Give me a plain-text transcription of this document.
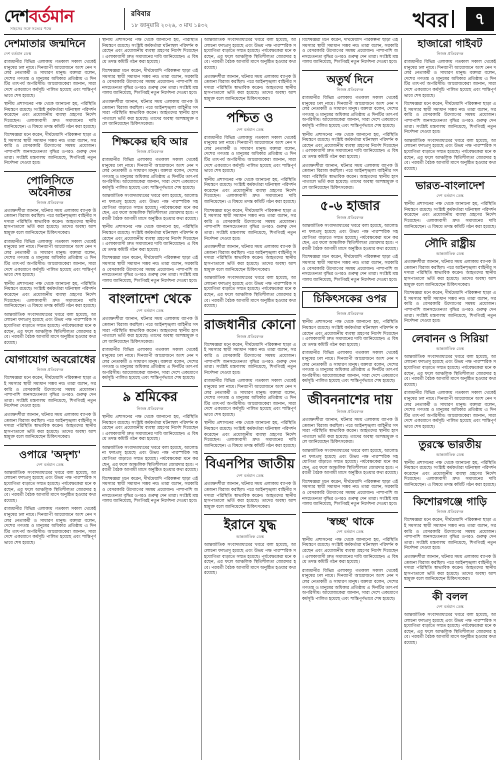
দেশ বর্তমান
সাহসের সঙ্গে সত্যের পক্ষে
রবিবার
১৮ জানুয়ারি ২০২৬, ৩ মাঘ ১৪৩২	খবর	৭
দেশমাতার জন্মদিনে
দেশ বর্তমান ডেস্ক

রাজধানীর বিভিন্ন এলাকায় গতকাল সকাল থেকেই মানুষের ঢল নামে। দিনব্যাপী আয়োজনে অংশ নেন দলের নেতাকর্মী ও সাধারণ মানুষ। বক্তারা বলেন, দেশের গণতন্ত্র ও মানুষের অধিকার প্রতিষ্ঠায় এ দিনটির তাৎপর্য অপরিসীম। আয়োজকেরা জানান, সারা দেশে একযোগে কর্মসূচি পালিত হয়েছে এবং শান্তিপূর্ণভাবে শেষ হয়েছে।

স্থানীয় প্রশাসনের পক্ষ থেকে জানানো হয়, পরিস্থিতি নিয়ন্ত্রণে রয়েছে। সংশ্লিষ্ট কর্মকর্তারা ঘটনাস্থল পরিদর্শন করেছেন এবং প্রয়োজনীয় ব্যবস্থা গ্রহণের নির্দেশ দিয়েছেন। এলাকাবাসী দ্রুত সমাধানের দাবি জানিয়েছেন। এ বিষয়ে তদন্ত কমিটি গঠন করা হয়েছে।

বিশেষজ্ঞরা মনে করেন, দীর্ঘমেয়াদি পরিকল্পনা ছাড়া এই সমস্যার স্থায়ী সমাধান সম্ভব নয়। তারা বলেন, সরকারি ও বেসরকারি উদ্যোগের সমন্বয় প্রয়োজন। পাশাপাশি জনসচেতনতা বৃদ্ধির ওপরও গুরুত্ব দেন তারা। সংশ্লিষ্ট মন্ত্রণালয় জানিয়েছে, শিগগিরই নতুন নির্দেশনা দেওয়া হবে।

পোলিসিতে অবৈনীতর
নিজস্ব প্রতিবেদক

প্রত্যক্ষদর্শীরা জানান, ঘটনার সময় এলাকায় ব্যাপক উত্তেজনা বিরাজ করছিল। পরে আইনশৃঙ্খলা বাহিনীর সদস্যরা পরিস্থিতি স্বাভাবিক করেন। আহতদের স্থানীয় হাসপাতালে ভর্তি করা হয়েছে। তাদের অবস্থা আশঙ্কামুক্ত বলে জানিয়েছেন চিকিৎসকেরা।

রাজধানীর বিভিন্ন এলাকায় গতকাল সকাল থেকেই মানুষের ঢল নামে। দিনব্যাপী আয়োজনে অংশ নেন দলের নেতাকর্মী ও সাধারণ মানুষ। বক্তারা বলেন, দেশের গণতন্ত্র ও মানুষের অধিকার প্রতিষ্ঠায় এ দিনটির তাৎপর্য অপরিসীম। আয়োজকেরা জানান, সারা দেশে একযোগে কর্মসূচি পালিত হয়েছে এবং শান্তিপূর্ণভাবে শেষ হয়েছে।

স্থানীয় প্রশাসনের পক্ষ থেকে জানানো হয়, পরিস্থিতি নিয়ন্ত্রণে রয়েছে। সংশ্লিষ্ট কর্মকর্তারা ঘটনাস্থল পরিদর্শন করেছেন এবং প্রয়োজনীয় ব্যবস্থা গ্রহণের নির্দেশ দিয়েছেন। এলাকাবাসী দ্রুত সমাধানের দাবি জানিয়েছেন। এ বিষয়ে তদন্ত কমিটি গঠন করা হয়েছে।

আন্তর্জাতিক সংবাদমাধ্যমের খবরে বলা হয়েছে, আলোচনা ফলপ্রসূ হয়েছে এবং উভয় পক্ষ পারস্পরিক সহযোগিতা বাড়াতে সম্মত হয়েছে। পর্যবেক্ষকেরা মনে করছেন, এর ফলে আঞ্চলিক স্থিতিশীলতা জোরদার হবে। পরবর্তী বৈঠক আগামী মাসে অনুষ্ঠিত হওয়ার কথা রয়েছে।

যোগাযোগ অবরোধের
নিজস্ব প্রতিবেদক

বিশেষজ্ঞরা মনে করেন, দীর্ঘমেয়াদি পরিকল্পনা ছাড়া এই সমস্যার স্থায়ী সমাধান সম্ভব নয়। তারা বলেন, সরকারি ও বেসরকারি উদ্যোগের সমন্বয় প্রয়োজন। পাশাপাশি জনসচেতনতা বৃদ্ধির ওপরও গুরুত্ব দেন তারা। সংশ্লিষ্ট মন্ত্রণালয় জানিয়েছে, শিগগিরই নতুন নির্দেশনা দেওয়া হবে।

প্রত্যক্ষদর্শীরা জানান, ঘটনার সময় এলাকায় ব্যাপক উত্তেজনা বিরাজ করছিল। পরে আইনশৃঙ্খলা বাহিনীর সদস্যরা পরিস্থিতি স্বাভাবিক করেন। আহতদের স্থানীয় হাসপাতালে ভর্তি করা হয়েছে। তাদের অবস্থা আশঙ্কামুক্ত বলে জানিয়েছেন চিকিৎসকেরা।

ওপারে 'অদৃশ্য'
দেশ বর্তমান ডেস্ক

আন্তর্জাতিক সংবাদমাধ্যমের খবরে বলা হয়েছে, আলোচনা ফলপ্রসূ হয়েছে এবং উভয় পক্ষ পারস্পরিক সহযোগিতা বাড়াতে সম্মত হয়েছে। পর্যবেক্ষকেরা মনে করছেন, এর ফলে আঞ্চলিক স্থিতিশীলতা জোরদার হবে। পরবর্তী বৈঠক আগামী মাসে অনুষ্ঠিত হওয়ার কথা রয়েছে।

রাজধানীর বিভিন্ন এলাকায় গতকাল সকাল থেকেই মানুষের ঢল নামে। দিনব্যাপী আয়োজনে অংশ নেন দলের নেতাকর্মী ও সাধারণ মানুষ। বক্তারা বলেন, দেশের গণতন্ত্র ও মানুষের অধিকার প্রতিষ্ঠায় এ দিনটির তাৎপর্য অপরিসীম। আয়োজকেরা জানান, সারা দেশে একযোগে কর্মসূচি পালিত হয়েছে এবং শান্তিপূর্ণভাবে শেষ হয়েছে।

স্থানীয় প্রশাসনের পক্ষ থেকে জানানো হয়, পরিস্থিতি নিয়ন্ত্রণে রয়েছে। সংশ্লিষ্ট কর্মকর্তারা ঘটনাস্থল পরিদর্শন করেছেন এবং প্রয়োজনীয় ব্যবস্থা গ্রহণের নির্দেশ দিয়েছেন। এলাকাবাসী দ্রুত সমাধানের দাবি জানিয়েছেন। এ বিষয়ে তদন্ত কমিটি গঠন করা হয়েছে।

বিশেষজ্ঞরা মনে করেন, দীর্ঘমেয়াদি পরিকল্পনা ছাড়া এই সমস্যার স্থায়ী সমাধান সম্ভব নয়। তারা বলেন, সরকারি ও বেসরকারি উদ্যোগের সমন্বয় প্রয়োজন। পাশাপাশি জনসচেতনতা বৃদ্ধির ওপরও গুরুত্ব দেন তারা। সংশ্লিষ্ট মন্ত্রণালয় জানিয়েছে, শিগগিরই নতুন নির্দেশনা দেওয়া হবে।

প্রত্যক্ষদর্শীরা জানান, ঘটনার সময় এলাকায় ব্যাপক উত্তেজনা বিরাজ করছিল। পরে আইনশৃঙ্খলা বাহিনীর সদস্যরা পরিস্থিতি স্বাভাবিক করেন। আহতদের স্থানীয় হাসপাতালে ভর্তি করা হয়েছে। তাদের অবস্থা আশঙ্কামুক্ত বলে জানিয়েছেন চিকিৎসকেরা।

শিক্ষকের ছবি আর
নিজস্ব প্রতিবেদক

রাজধানীর বিভিন্ন এলাকায় গতকাল সকাল থেকেই মানুষের ঢল নামে। দিনব্যাপী আয়োজনে অংশ নেন দলের নেতাকর্মী ও সাধারণ মানুষ। বক্তারা বলেন, দেশের গণতন্ত্র ও মানুষের অধিকার প্রতিষ্ঠায় এ দিনটির তাৎপর্য অপরিসীম। আয়োজকেরা জানান, সারা দেশে একযোগে কর্মসূচি পালিত হয়েছে এবং শান্তিপূর্ণভাবে শেষ হয়েছে।

আন্তর্জাতিক সংবাদমাধ্যমের খবরে বলা হয়েছে, আলোচনা ফলপ্রসূ হয়েছে এবং উভয় পক্ষ পারস্পরিক সহযোগিতা বাড়াতে সম্মত হয়েছে। পর্যবেক্ষকেরা মনে করছেন, এর ফলে আঞ্চলিক স্থিতিশীলতা জোরদার হবে। পরবর্তী বৈঠক আগামী মাসে অনুষ্ঠিত হওয়ার কথা রয়েছে।

স্থানীয় প্রশাসনের পক্ষ থেকে জানানো হয়, পরিস্থিতি নিয়ন্ত্রণে রয়েছে। সংশ্লিষ্ট কর্মকর্তারা ঘটনাস্থল পরিদর্শন করেছেন এবং প্রয়োজনীয় ব্যবস্থা গ্রহণের নির্দেশ দিয়েছেন। এলাকাবাসী দ্রুত সমাধানের দাবি জানিয়েছেন। এ বিষয়ে তদন্ত কমিটি গঠন করা হয়েছে।

বিশেষজ্ঞরা মনে করেন, দীর্ঘমেয়াদি পরিকল্পনা ছাড়া এই সমস্যার স্থায়ী সমাধান সম্ভব নয়। তারা বলেন, সরকারি ও বেসরকারি উদ্যোগের সমন্বয় প্রয়োজন। পাশাপাশি জনসচেতনতা বৃদ্ধির ওপরও গুরুত্ব দেন তারা। সংশ্লিষ্ট মন্ত্রণালয় জানিয়েছে, শিগগিরই নতুন নির্দেশনা দেওয়া হবে।

বাংলাদেশ থেকে
দেশ বর্তমান ডেস্ক

প্রত্যক্ষদর্শীরা জানান, ঘটনার সময় এলাকায় ব্যাপক উত্তেজনা বিরাজ করছিল। পরে আইনশৃঙ্খলা বাহিনীর সদস্যরা পরিস্থিতি স্বাভাবিক করেন। আহতদের স্থানীয় হাসপাতালে ভর্তি করা হয়েছে। তাদের অবস্থা আশঙ্কামুক্ত বলে জানিয়েছেন চিকিৎসকেরা।

রাজধানীর বিভিন্ন এলাকায় গতকাল সকাল থেকেই মানুষের ঢল নামে। দিনব্যাপী আয়োজনে অংশ নেন দলের নেতাকর্মী ও সাধারণ মানুষ। বক্তারা বলেন, দেশের গণতন্ত্র ও মানুষের অধিকার প্রতিষ্ঠায় এ দিনটির তাৎপর্য অপরিসীম। আয়োজকেরা জানান, সারা দেশে একযোগে কর্মসূচি পালিত হয়েছে এবং শান্তিপূর্ণভাবে শেষ হয়েছে।

৯ শ্রমিকের
নিজস্ব প্রতিবেদক

স্থানীয় প্রশাসনের পক্ষ থেকে জানানো হয়, পরিস্থিতি নিয়ন্ত্রণে রয়েছে। সংশ্লিষ্ট কর্মকর্তারা ঘটনাস্থল পরিদর্শন করেছেন এবং প্রয়োজনীয় ব্যবস্থা গ্রহণের নির্দেশ দিয়েছেন। এলাকাবাসী দ্রুত সমাধানের দাবি জানিয়েছেন। এ বিষয়ে তদন্ত কমিটি গঠন করা হয়েছে।

আন্তর্জাতিক সংবাদমাধ্যমের খবরে বলা হয়েছে, আলোচনা ফলপ্রসূ হয়েছে এবং উভয় পক্ষ পারস্পরিক সহযোগিতা বাড়াতে সম্মত হয়েছে। পর্যবেক্ষকেরা মনে করছেন, এর ফলে আঞ্চলিক স্থিতিশীলতা জোরদার হবে। পরবর্তী বৈঠক আগামী মাসে অনুষ্ঠিত হওয়ার কথা রয়েছে।

বিশেষজ্ঞরা মনে করেন, দীর্ঘমেয়াদি পরিকল্পনা ছাড়া এই সমস্যার স্থায়ী সমাধান সম্ভব নয়। তারা বলেন, সরকারি ও বেসরকারি উদ্যোগের সমন্বয় প্রয়োজন। পাশাপাশি জনসচেতনতা বৃদ্ধির ওপরও গুরুত্ব দেন তারা। সংশ্লিষ্ট মন্ত্রণালয় জানিয়েছে, শিগগিরই নতুন নির্দেশনা দেওয়া হবে।

আন্তর্জাতিক সংবাদমাধ্যমের খবরে বলা হয়েছে, আলোচনা ফলপ্রসূ হয়েছে এবং উভয় পক্ষ পারস্পরিক সহযোগিতা বাড়াতে সম্মত হয়েছে। পর্যবেক্ষকেরা মনে করছেন, এর ফলে আঞ্চলিক স্থিতিশীলতা জোরদার হবে। পরবর্তী বৈঠক আগামী মাসে অনুষ্ঠিত হওয়ার কথা রয়েছে।

প্রত্যক্ষদর্শীরা জানান, ঘটনার সময় এলাকায় ব্যাপক উত্তেজনা বিরাজ করছিল। পরে আইনশৃঙ্খলা বাহিনীর সদস্যরা পরিস্থিতি স্বাভাবিক করেন। আহতদের স্থানীয় হাসপাতালে ভর্তি করা হয়েছে। তাদের অবস্থা আশঙ্কামুক্ত বলে জানিয়েছেন চিকিৎসকেরা।

পশ্চিত ও
দেশ বর্তমান ডেস্ক

রাজধানীর বিভিন্ন এলাকায় গতকাল সকাল থেকেই মানুষের ঢল নামে। দিনব্যাপী আয়োজনে অংশ নেন দলের নেতাকর্মী ও সাধারণ মানুষ। বক্তারা বলেন, দেশের গণতন্ত্র ও মানুষের অধিকার প্রতিষ্ঠায় এ দিনটির তাৎপর্য অপরিসীম। আয়োজকেরা জানান, সারা দেশে একযোগে কর্মসূচি পালিত হয়েছে এবং শান্তিপূর্ণভাবে শেষ হয়েছে।

স্থানীয় প্রশাসনের পক্ষ থেকে জানানো হয়, পরিস্থিতি নিয়ন্ত্রণে রয়েছে। সংশ্লিষ্ট কর্মকর্তারা ঘটনাস্থল পরিদর্শন করেছেন এবং প্রয়োজনীয় ব্যবস্থা গ্রহণের নির্দেশ দিয়েছেন। এলাকাবাসী দ্রুত সমাধানের দাবি জানিয়েছেন। এ বিষয়ে তদন্ত কমিটি গঠন করা হয়েছে।

বিশেষজ্ঞরা মনে করেন, দীর্ঘমেয়াদি পরিকল্পনা ছাড়া এই সমস্যার স্থায়ী সমাধান সম্ভব নয়। তারা বলেন, সরকারি ও বেসরকারি উদ্যোগের সমন্বয় প্রয়োজন। পাশাপাশি জনসচেতনতা বৃদ্ধির ওপরও গুরুত্ব দেন তারা। সংশ্লিষ্ট মন্ত্রণালয় জানিয়েছে, শিগগিরই নতুন নির্দেশনা দেওয়া হবে।

প্রত্যক্ষদর্শীরা জানান, ঘটনার সময় এলাকায় ব্যাপক উত্তেজনা বিরাজ করছিল। পরে আইনশৃঙ্খলা বাহিনীর সদস্যরা পরিস্থিতি স্বাভাবিক করেন। আহতদের স্থানীয় হাসপাতালে ভর্তি করা হয়েছে। তাদের অবস্থা আশঙ্কামুক্ত বলে জানিয়েছেন চিকিৎসকেরা।

আন্তর্জাতিক সংবাদমাধ্যমের খবরে বলা হয়েছে, আলোচনা ফলপ্রসূ হয়েছে এবং উভয় পক্ষ পারস্পরিক সহযোগিতা বাড়াতে সম্মত হয়েছে। পর্যবেক্ষকেরা মনে করছেন, এর ফলে আঞ্চলিক স্থিতিশীলতা জোরদার হবে। পরবর্তী বৈঠক আগামী মাসে অনুষ্ঠিত হওয়ার কথা রয়েছে।

রাজধানীর কোনো
নিজস্ব প্রতিবেদক

বিশেষজ্ঞরা মনে করেন, দীর্ঘমেয়াদি পরিকল্পনা ছাড়া এই সমস্যার স্থায়ী সমাধান সম্ভব নয়। তারা বলেন, সরকারি ও বেসরকারি উদ্যোগের সমন্বয় প্রয়োজন। পাশাপাশি জনসচেতনতা বৃদ্ধির ওপরও গুরুত্ব দেন তারা। সংশ্লিষ্ট মন্ত্রণালয় জানিয়েছে, শিগগিরই নতুন নির্দেশনা দেওয়া হবে।

রাজধানীর বিভিন্ন এলাকায় গতকাল সকাল থেকেই মানুষের ঢল নামে। দিনব্যাপী আয়োজনে অংশ নেন দলের নেতাকর্মী ও সাধারণ মানুষ। বক্তারা বলেন, দেশের গণতন্ত্র ও মানুষের অধিকার প্রতিষ্ঠায় এ দিনটির তাৎপর্য অপরিসীম। আয়োজকেরা জানান, সারা দেশে একযোগে কর্মসূচি পালিত হয়েছে এবং শান্তিপূর্ণভাবে শেষ হয়েছে।

স্থানীয় প্রশাসনের পক্ষ থেকে জানানো হয়, পরিস্থিতি নিয়ন্ত্রণে রয়েছে। সংশ্লিষ্ট কর্মকর্তারা ঘটনাস্থল পরিদর্শন করেছেন এবং প্রয়োজনীয় ব্যবস্থা গ্রহণের নির্দেশ দিয়েছেন। এলাকাবাসী দ্রুত সমাধানের দাবি জানিয়েছেন। এ বিষয়ে তদন্ত কমিটি গঠন করা হয়েছে।

বিএনপির জাতীয়
দেশ বর্তমান ডেস্ক

প্রত্যক্ষদর্শীরা জানান, ঘটনার সময় এলাকায় ব্যাপক উত্তেজনা বিরাজ করছিল। পরে আইনশৃঙ্খলা বাহিনীর সদস্যরা পরিস্থিতি স্বাভাবিক করেন। আহতদের স্থানীয় হাসপাতালে ভর্তি করা হয়েছে। তাদের অবস্থা আশঙ্কামুক্ত বলে জানিয়েছেন চিকিৎসকেরা।

ইরানে যুদ্ধ
আন্তর্জাতিক ডেস্ক

আন্তর্জাতিক সংবাদমাধ্যমের খবরে বলা হয়েছে, আলোচনা ফলপ্রসূ হয়েছে এবং উভয় পক্ষ পারস্পরিক সহযোগিতা বাড়াতে সম্মত হয়েছে। পর্যবেক্ষকেরা মনে করছেন, এর ফলে আঞ্চলিক স্থিতিশীলতা জোরদার হবে। পরবর্তী বৈঠক আগামী মাসে অনুষ্ঠিত হওয়ার কথা রয়েছে।

বিশেষজ্ঞরা মনে করেন, দীর্ঘমেয়াদি পরিকল্পনা ছাড়া এই সমস্যার স্থায়ী সমাধান সম্ভব নয়। তারা বলেন, সরকারি ও বেসরকারি উদ্যোগের সমন্বয় প্রয়োজন। পাশাপাশি জনসচেতনতা বৃদ্ধির ওপরও গুরুত্ব দেন তারা। সংশ্লিষ্ট মন্ত্রণালয় জানিয়েছে, শিগগিরই নতুন নির্দেশনা দেওয়া হবে।

অতুর্থ দিনে
নিজস্ব প্রতিবেদক

রাজধানীর বিভিন্ন এলাকায় গতকাল সকাল থেকেই মানুষের ঢল নামে। দিনব্যাপী আয়োজনে অংশ নেন দলের নেতাকর্মী ও সাধারণ মানুষ। বক্তারা বলেন, দেশের গণতন্ত্র ও মানুষের অধিকার প্রতিষ্ঠায় এ দিনটির তাৎপর্য অপরিসীম। আয়োজকেরা জানান, সারা দেশে একযোগে কর্মসূচি পালিত হয়েছে এবং শান্তিপূর্ণভাবে শেষ হয়েছে।

স্থানীয় প্রশাসনের পক্ষ থেকে জানানো হয়, পরিস্থিতি নিয়ন্ত্রণে রয়েছে। সংশ্লিষ্ট কর্মকর্তারা ঘটনাস্থল পরিদর্শন করেছেন এবং প্রয়োজনীয় ব্যবস্থা গ্রহণের নির্দেশ দিয়েছেন। এলাকাবাসী দ্রুত সমাধানের দাবি জানিয়েছেন। এ বিষয়ে তদন্ত কমিটি গঠন করা হয়েছে।

প্রত্যক্ষদর্শীরা জানান, ঘটনার সময় এলাকায় ব্যাপক উত্তেজনা বিরাজ করছিল। পরে আইনশৃঙ্খলা বাহিনীর সদস্যরা পরিস্থিতি স্বাভাবিক করেন। আহতদের স্থানীয় হাসপাতালে ভর্তি করা হয়েছে। তাদের অবস্থা আশঙ্কামুক্ত বলে জানিয়েছেন চিকিৎসকেরা।

৫-৬ হাজার
নিজস্ব প্রতিবেদক

আন্তর্জাতিক সংবাদমাধ্যমের খবরে বলা হয়েছে, আলোচনা ফলপ্রসূ হয়েছে এবং উভয় পক্ষ পারস্পরিক সহযোগিতা বাড়াতে সম্মত হয়েছে। পর্যবেক্ষকেরা মনে করছেন, এর ফলে আঞ্চলিক স্থিতিশীলতা জোরদার হবে। পরবর্তী বৈঠক আগামী মাসে অনুষ্ঠিত হওয়ার কথা রয়েছে।

বিশেষজ্ঞরা মনে করেন, দীর্ঘমেয়াদি পরিকল্পনা ছাড়া এই সমস্যার স্থায়ী সমাধান সম্ভব নয়। তারা বলেন, সরকারি ও বেসরকারি উদ্যোগের সমন্বয় প্রয়োজন। পাশাপাশি জনসচেতনতা বৃদ্ধির ওপরও গুরুত্ব দেন তারা। সংশ্লিষ্ট মন্ত্রণালয় জানিয়েছে, শিগগিরই নতুন নির্দেশনা দেওয়া হবে।

চিকিৎসকের ওপর
নিজস্ব প্রতিবেদক

স্থানীয় প্রশাসনের পক্ষ থেকে জানানো হয়, পরিস্থিতি নিয়ন্ত্রণে রয়েছে। সংশ্লিষ্ট কর্মকর্তারা ঘটনাস্থল পরিদর্শন করেছেন এবং প্রয়োজনীয় ব্যবস্থা গ্রহণের নির্দেশ দিয়েছেন। এলাকাবাসী দ্রুত সমাধানের দাবি জানিয়েছেন। এ বিষয়ে তদন্ত কমিটি গঠন করা হয়েছে।

রাজধানীর বিভিন্ন এলাকায় গতকাল সকাল থেকেই মানুষের ঢল নামে। দিনব্যাপী আয়োজনে অংশ নেন দলের নেতাকর্মী ও সাধারণ মানুষ। বক্তারা বলেন, দেশের গণতন্ত্র ও মানুষের অধিকার প্রতিষ্ঠায় এ দিনটির তাৎপর্য অপরিসীম। আয়োজকেরা জানান, সারা দেশে একযোগে কর্মসূচি পালিত হয়েছে এবং শান্তিপূর্ণভাবে শেষ হয়েছে।

জীবননাশের দায়
নিজস্ব প্রতিবেদক

প্রত্যক্ষদর্শীরা জানান, ঘটনার সময় এলাকায় ব্যাপক উত্তেজনা বিরাজ করছিল। পরে আইনশৃঙ্খলা বাহিনীর সদস্যরা পরিস্থিতি স্বাভাবিক করেন। আহতদের স্থানীয় হাসপাতালে ভর্তি করা হয়েছে। তাদের অবস্থা আশঙ্কামুক্ত বলে জানিয়েছেন চিকিৎসকেরা।

আন্তর্জাতিক সংবাদমাধ্যমের খবরে বলা হয়েছে, আলোচনা ফলপ্রসূ হয়েছে এবং উভয় পক্ষ পারস্পরিক সহযোগিতা বাড়াতে সম্মত হয়েছে। পর্যবেক্ষকেরা মনে করছেন, এর ফলে আঞ্চলিক স্থিতিশীলতা জোরদার হবে। পরবর্তী বৈঠক আগামী মাসে অনুষ্ঠিত হওয়ার কথা রয়েছে।

বিশেষজ্ঞরা মনে করেন, দীর্ঘমেয়াদি পরিকল্পনা ছাড়া এই সমস্যার স্থায়ী সমাধান সম্ভব নয়। তারা বলেন, সরকারি ও বেসরকারি উদ্যোগের সমন্বয় প্রয়োজন। পাশাপাশি জনসচেতনতা বৃদ্ধির ওপরও গুরুত্ব দেন তারা। সংশ্লিষ্ট মন্ত্রণালয় জানিয়েছে, শিগগিরই নতুন নির্দেশনা দেওয়া হবে।

'স্বচ্ছ' থাকে
দেশ বর্তমান ডেস্ক

স্থানীয় প্রশাসনের পক্ষ থেকে জানানো হয়, পরিস্থিতি নিয়ন্ত্রণে রয়েছে। সংশ্লিষ্ট কর্মকর্তারা ঘটনাস্থল পরিদর্শন করেছেন এবং প্রয়োজনীয় ব্যবস্থা গ্রহণের নির্দেশ দিয়েছেন। এলাকাবাসী দ্রুত সমাধানের দাবি জানিয়েছেন। এ বিষয়ে তদন্ত কমিটি গঠন করা হয়েছে।

রাজধানীর বিভিন্ন এলাকায় গতকাল সকাল থেকেই মানুষের ঢল নামে। দিনব্যাপী আয়োজনে অংশ নেন দলের নেতাকর্মী ও সাধারণ মানুষ। বক্তারা বলেন, দেশের গণতন্ত্র ও মানুষের অধিকার প্রতিষ্ঠায় এ দিনটির তাৎপর্য অপরিসীম। আয়োজকেরা জানান, সারা দেশে একযোগে কর্মসূচি পালিত হয়েছে এবং শান্তিপূর্ণভাবে শেষ হয়েছে।

হাজারো গাইবট
নিজস্ব প্রতিবেদক

রাজধানীর বিভিন্ন এলাকায় গতকাল সকাল থেকেই মানুষের ঢল নামে। দিনব্যাপী আয়োজনে অংশ নেন দলের নেতাকর্মী ও সাধারণ মানুষ। বক্তারা বলেন, দেশের গণতন্ত্র ও মানুষের অধিকার প্রতিষ্ঠায় এ দিনটির তাৎপর্য অপরিসীম। আয়োজকেরা জানান, সারা দেশে একযোগে কর্মসূচি পালিত হয়েছে এবং শান্তিপূর্ণভাবে শেষ হয়েছে।

বিশেষজ্ঞরা মনে করেন, দীর্ঘমেয়াদি পরিকল্পনা ছাড়া এই সমস্যার স্থায়ী সমাধান সম্ভব নয়। তারা বলেন, সরকারি ও বেসরকারি উদ্যোগের সমন্বয় প্রয়োজন। পাশাপাশি জনসচেতনতা বৃদ্ধির ওপরও গুরুত্ব দেন তারা। সংশ্লিষ্ট মন্ত্রণালয় জানিয়েছে, শিগগিরই নতুন নির্দেশনা দেওয়া হবে।

আন্তর্জাতিক সংবাদমাধ্যমের খবরে বলা হয়েছে, আলোচনা ফলপ্রসূ হয়েছে এবং উভয় পক্ষ পারস্পরিক সহযোগিতা বাড়াতে সম্মত হয়েছে। পর্যবেক্ষকেরা মনে করছেন, এর ফলে আঞ্চলিক স্থিতিশীলতা জোরদার হবে। পরবর্তী বৈঠক আগামী মাসে অনুষ্ঠিত হওয়ার কথা রয়েছে।

ভারত-বাংলাদেশ
দেশ বর্তমান ডেস্ক

স্থানীয় প্রশাসনের পক্ষ থেকে জানানো হয়, পরিস্থিতি নিয়ন্ত্রণে রয়েছে। সংশ্লিষ্ট কর্মকর্তারা ঘটনাস্থল পরিদর্শন করেছেন এবং প্রয়োজনীয় ব্যবস্থা গ্রহণের নির্দেশ দিয়েছেন। এলাকাবাসী দ্রুত সমাধানের দাবি জানিয়েছেন। এ বিষয়ে তদন্ত কমিটি গঠন করা হয়েছে।

সৌদি রাষ্ট্রীয়
আন্তর্জাতিক ডেস্ক

প্রত্যক্ষদর্শীরা জানান, ঘটনার সময় এলাকায় ব্যাপক উত্তেজনা বিরাজ করছিল। পরে আইনশৃঙ্খলা বাহিনীর সদস্যরা পরিস্থিতি স্বাভাবিক করেন। আহতদের স্থানীয় হাসপাতালে ভর্তি করা হয়েছে। তাদের অবস্থা আশঙ্কামুক্ত বলে জানিয়েছেন চিকিৎসকেরা।

বিশেষজ্ঞরা মনে করেন, দীর্ঘমেয়াদি পরিকল্পনা ছাড়া এই সমস্যার স্থায়ী সমাধান সম্ভব নয়। তারা বলেন, সরকারি ও বেসরকারি উদ্যোগের সমন্বয় প্রয়োজন। পাশাপাশি জনসচেতনতা বৃদ্ধির ওপরও গুরুত্ব দেন তারা। সংশ্লিষ্ট মন্ত্রণালয় জানিয়েছে, শিগগিরই নতুন নির্দেশনা দেওয়া হবে।

লেবানন ও সিরিয়া
আন্তর্জাতিক ডেস্ক

আন্তর্জাতিক সংবাদমাধ্যমের খবরে বলা হয়েছে, আলোচনা ফলপ্রসূ হয়েছে এবং উভয় পক্ষ পারস্পরিক সহযোগিতা বাড়াতে সম্মত হয়েছে। পর্যবেক্ষকেরা মনে করছেন, এর ফলে আঞ্চলিক স্থিতিশীলতা জোরদার হবে। পরবর্তী বৈঠক আগামী মাসে অনুষ্ঠিত হওয়ার কথা রয়েছে।

রাজধানীর বিভিন্ন এলাকায় গতকাল সকাল থেকেই মানুষের ঢল নামে। দিনব্যাপী আয়োজনে অংশ নেন দলের নেতাকর্মী ও সাধারণ মানুষ। বক্তারা বলেন, দেশের গণতন্ত্র ও মানুষের অধিকার প্রতিষ্ঠায় এ দিনটির তাৎপর্য অপরিসীম। আয়োজকেরা জানান, সারা দেশে একযোগে কর্মসূচি পালিত হয়েছে এবং শান্তিপূর্ণভাবে শেষ হয়েছে।

তুরস্কে ভারতীয়
আন্তর্জাতিক ডেস্ক

স্থানীয় প্রশাসনের পক্ষ থেকে জানানো হয়, পরিস্থিতি নিয়ন্ত্রণে রয়েছে। সংশ্লিষ্ট কর্মকর্তারা ঘটনাস্থল পরিদর্শন করেছেন এবং প্রয়োজনীয় ব্যবস্থা গ্রহণের নির্দেশ দিয়েছেন। এলাকাবাসী দ্রুত সমাধানের দাবি জানিয়েছেন। এ বিষয়ে তদন্ত কমিটি গঠন করা হয়েছে।

কিশোরগঞ্জে গাড়ি
নিজস্ব প্রতিবেদক

বিশেষজ্ঞরা মনে করেন, দীর্ঘমেয়াদি পরিকল্পনা ছাড়া এই সমস্যার স্থায়ী সমাধান সম্ভব নয়। তারা বলেন, সরকারি ও বেসরকারি উদ্যোগের সমন্বয় প্রয়োজন। পাশাপাশি জনসচেতনতা বৃদ্ধির ওপরও গুরুত্ব দেন তারা। সংশ্লিষ্ট মন্ত্রণালয় জানিয়েছে, শিগগিরই নতুন নির্দেশনা দেওয়া হবে।

প্রত্যক্ষদর্শীরা জানান, ঘটনার সময় এলাকায় ব্যাপক উত্তেজনা বিরাজ করছিল। পরে আইনশৃঙ্খলা বাহিনীর সদস্যরা পরিস্থিতি স্বাভাবিক করেন। আহতদের স্থানীয় হাসপাতালে ভর্তি করা হয়েছে। তাদের অবস্থা আশঙ্কামুক্ত বলে জানিয়েছেন চিকিৎসকেরা।

কী বলল
দেশ বর্তমান ডেস্ক

আন্তর্জাতিক সংবাদমাধ্যমের খবরে বলা হয়েছে, আলোচনা ফলপ্রসূ হয়েছে এবং উভয় পক্ষ পারস্পরিক সহযোগিতা বাড়াতে সম্মত হয়েছে। পর্যবেক্ষকেরা মনে করছেন, এর ফলে আঞ্চলিক স্থিতিশীলতা জোরদার হবে। পরবর্তী বৈঠক আগামী মাসে অনুষ্ঠিত হওয়ার কথা রয়েছে।
